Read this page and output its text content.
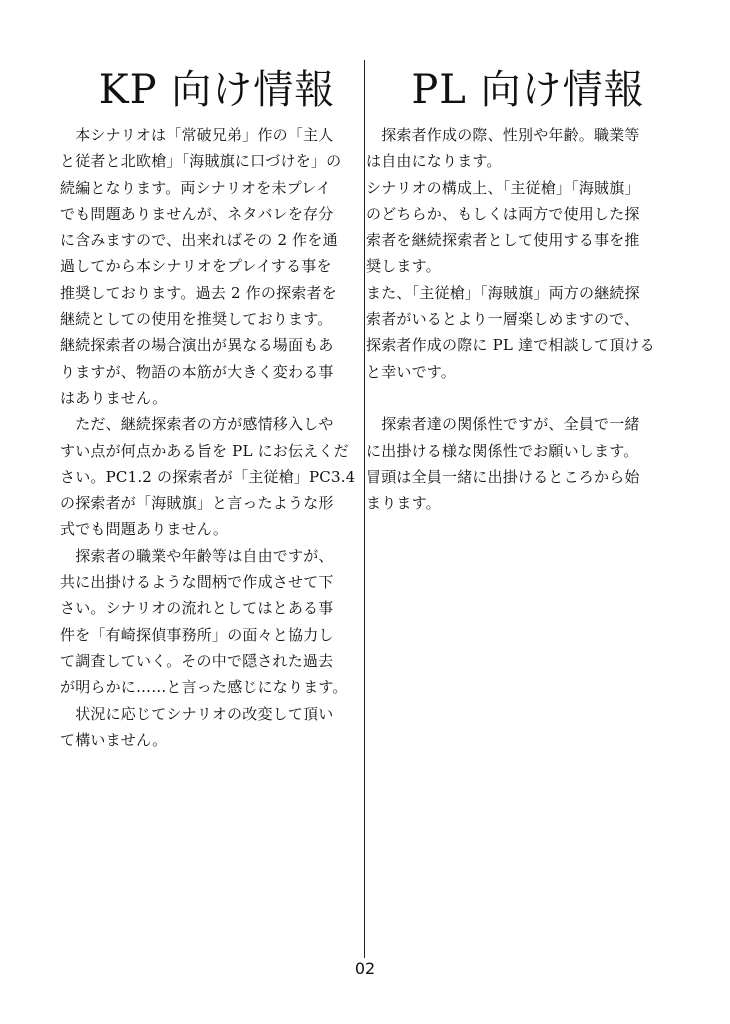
KP 向け情報
　本シナリオは「常破兄弟」作の「主人
と従者と北欧槍」「海賊旗に口づけを」の
続編となります。両シナリオを未プレイ
でも問題ありませんが、ネタバレを存分
に含みますので、出来ればその 2 作を通
過してから本シナリオをプレイする事を
推奨しております。過去 2 作の探索者を
継続としての使用を推奨しております。
継続探索者の場合演出が異なる場面もあ
りますが、物語の本筋が大きく変わる事
はありません。
　ただ、継続探索者の方が感情移入しや
すい点が何点かある旨を PL にお伝えくだ
さい。PC1.2 の探索者が「主従槍」PC3.4
の探索者が「海賊旗」と言ったような形
式でも問題ありません。
　探索者の職業や年齢等は自由ですが、
共に出掛けるような間柄で作成させて下
さい。シナリオの流れとしてはとある事
件を「有崎探偵事務所」の面々と協力し
て調査していく。その中で隠された過去
が明らかに……と言った感じになります。
　状況に応じてシナリオの改変して頂い
て構いません。
PL 向け情報
　探索者作成の際、性別や年齢。職業等
は自由になります。
シナリオの構成上、「主従槍」「海賊旗」
のどちらか、もしくは両方で使用した探
索者を継続探索者として使用する事を推
奨します。
また、「主従槍」「海賊旗」両方の継続探
索者がいるとより一層楽しめますので、
探索者作成の際に PL 達で相談して頂ける
と幸いです。
　探索者達の関係性ですが、全員で一緒
に出掛ける様な関係性でお願いします。
冒頭は全員一緒に出掛けるところから始
まります。
02
